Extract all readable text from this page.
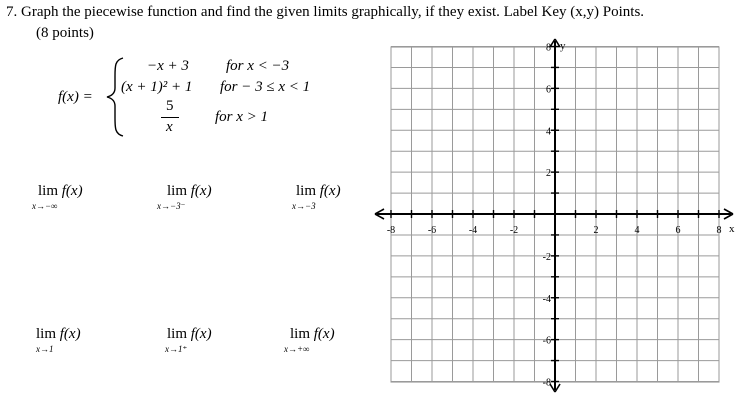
7. Graph the piecewise function and find the given limits graphically, if they exist. Label Key (x,y) Points.
(8 points)
f(x) =
−x + 3 for x < −3
(x + 1)² + 1 for − 3 ≤ x < 1
5
x
for x > 1
lim f(x)
x→−∞
lim f(x)
x→−3⁻
lim f(x)
x→−3
lim f(x)
x→1
lim f(x)
x→1⁺
lim f(x)
x→+∞
-8	-6	-4	-2	2	4	6	8
8
6
4
2
-2
-4
-6
-8
x
y
